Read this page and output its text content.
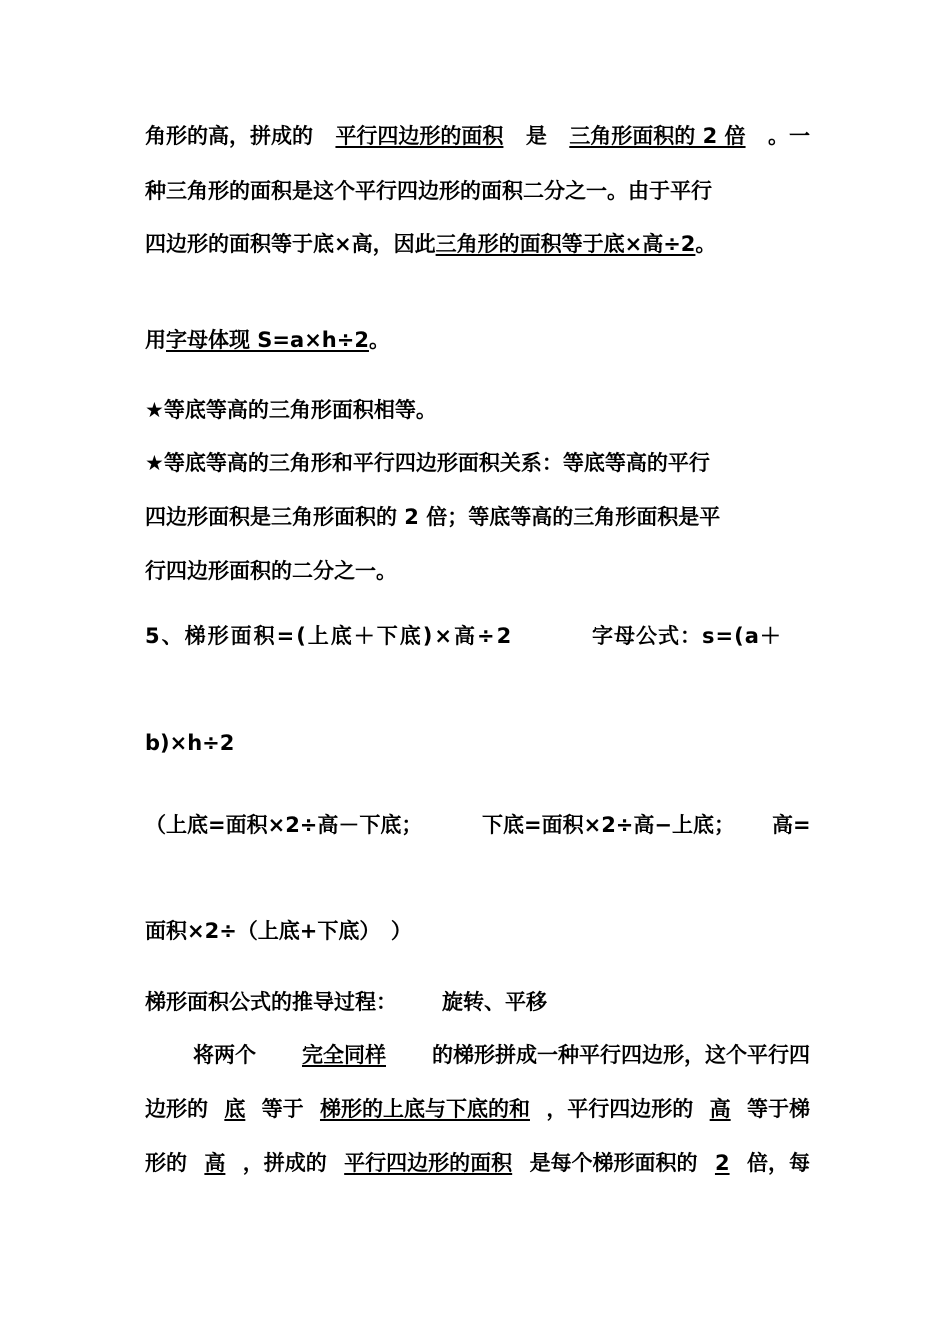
角形的高，拼成的 平行四边形的面积 是 三角形面积的 2 倍 。一
种三角形的面积是这个平行四边形的面积二分之一。由于平行
四边形的面积等于底×高，因此三角形的面积等于底×高÷2。
用字母体现 S=a×h÷2。
★等底等高的三角形面积相等。
★等底等高的三角形和平行四边形面积关系：等底等高的平行
四边形面积是三角形面积的 2 倍；等底等高的三角形面积是平
行四边形面积的二分之一。
5、梯形面积=(上底＋下底)×高÷2	字母公式：s=(a＋
b)×h÷2
（上底=面积×2÷高－下底；	下底=面积×2÷高−上底； 高=
面积×2÷（上底+下底）　）
梯形面积公式的推导过程： 旋转、平移
将两个 完全同样 的梯形拼成一种平行四边形，这个平行四
边形的 底 等于 梯形的上底与下底的和 ，平行四边形的 高 等于梯
形的 高 ，拼成的 平行四边形的面积 是每个梯形面积的 2 倍，每
